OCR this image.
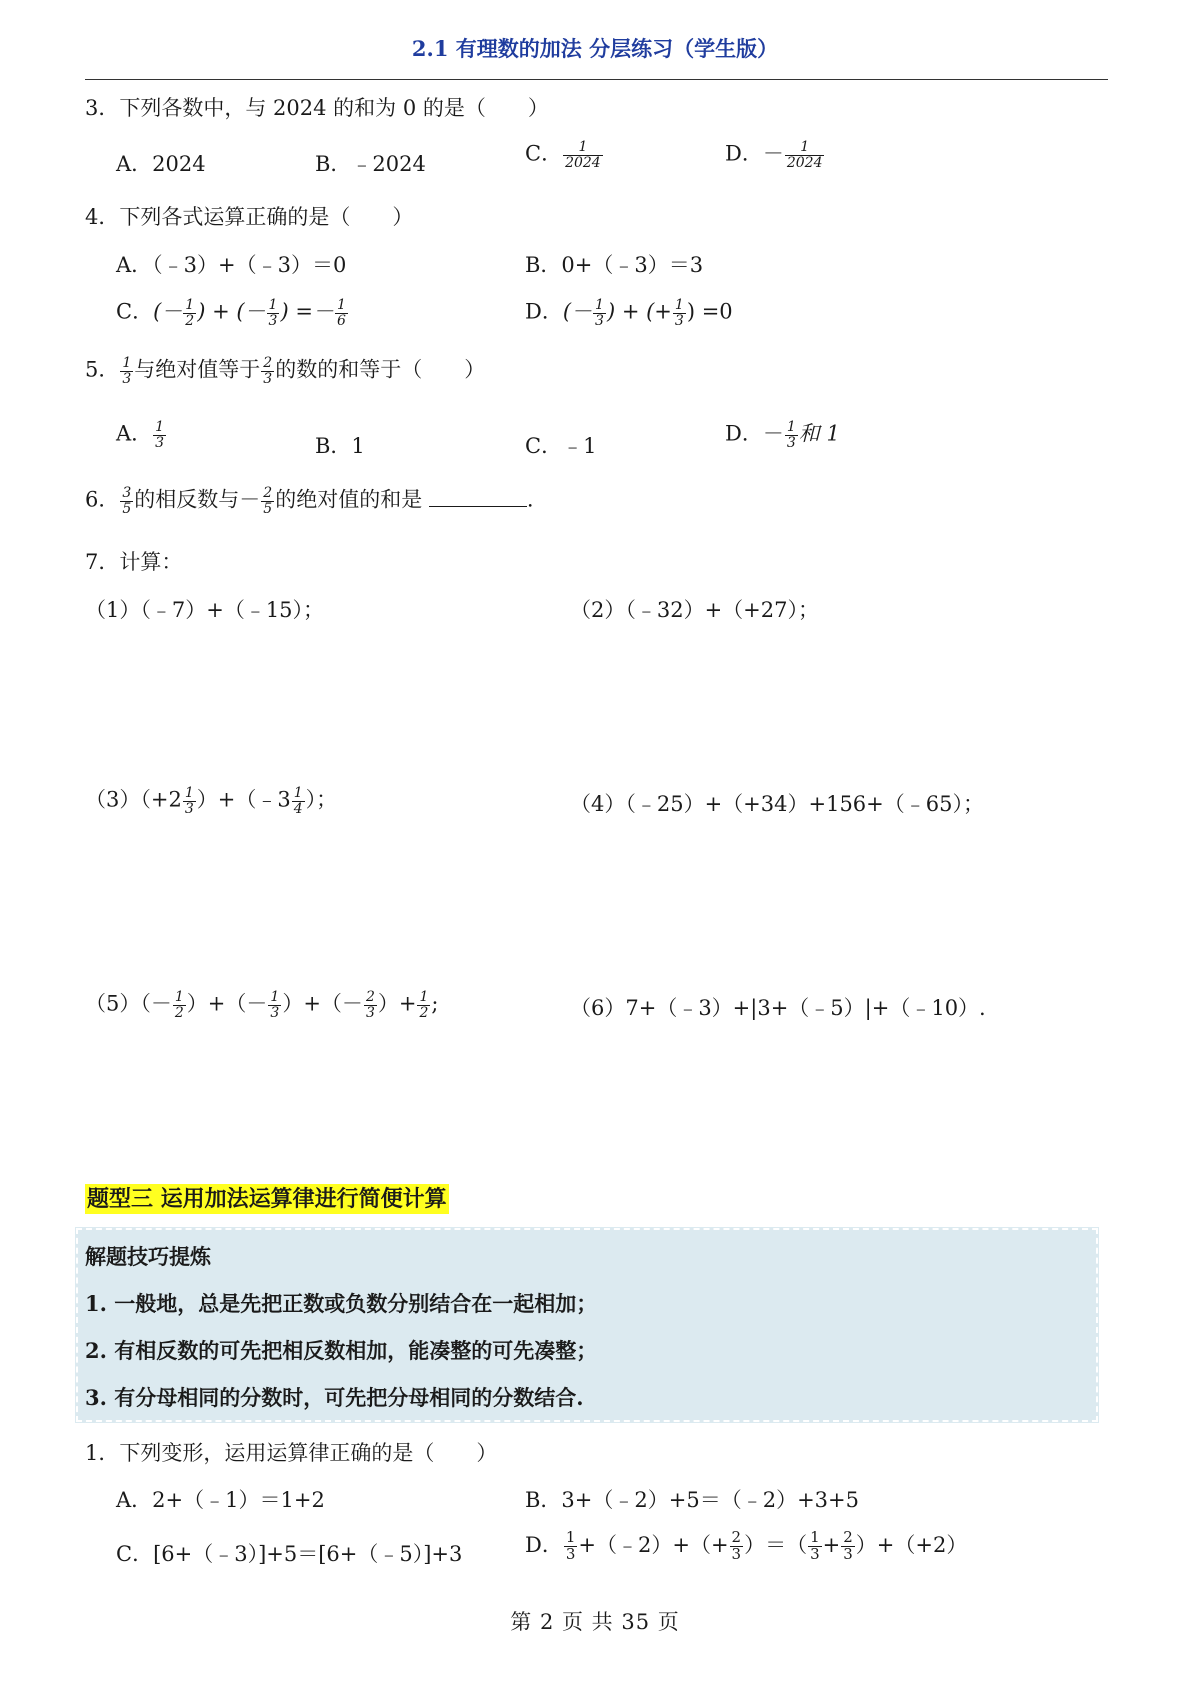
2.1 有理数的加法 分层练习（学生版）
3．下列各数中，与 2024 的和为 0 的是（　　）
A．2024	B．﹣2024	C． $\frac{1}{2024}$	D．－ $\frac{1}{2024}$
4．下列各式运算正确的是（　　）
A．（﹣3）+（﹣3）＝0	B．0+（﹣3）＝3
C．(－ $\frac{1}{2}$ ) + (－ $\frac{1}{3}$ ) =－ $\frac{1}{6}$	D．(－ $\frac{1}{3}$ ) + (+ $\frac{1}{3}$ ) =0
5． $\frac{1}{3}$ 与绝对值等于 $\frac{2}{3}$ 的数的和等于（　　）
A． $\frac{1}{3}$	B．1	C．﹣1
D．－ $\frac{1}{3}$ 和 1
6． $\frac{3}{5}$ 的相反数与－ $\frac{2}{5}$ 的绝对值的和是	.
7．计算：
（1）（﹣7）+（﹣15）；	（2）（﹣32）+（+27）；
$(3)(+2 \frac{1}{3}$ ）+（﹣3 $\frac{1}{4}$ ）；	（4）（﹣25）+（+34）+156+（﹣65）；
$(5)(- \frac{1}{2}$ ）+（－ $\frac{1}{3}$ ）+（－ $\frac{2}{3}$ ）+ $\frac{1}{2}$ ;	（6）7+（﹣3）+|3+（﹣5）|+（﹣10）.
题型三 运用加法运算律进行简便计算
解题技巧提炼
1. 一般地，总是先把正数或负数分别结合在一起相加；
2. 有相反数的可先把相反数相加，能凑整的可先凑整；
3. 有分母相同的分数时，可先把分母相同的分数结合.
1．下列变形，运用运算律正确的是（　　）
A．2+（﹣1）＝1+2	B．3+（﹣2）+5＝（﹣2）+3+5
C．[6+（﹣3）]+5＝[6+（﹣5）]+3	D． $\frac{1}{3}$ +（﹣2）+（+ $\frac{2}{3}$ ）＝（ $\frac{1}{3} + \frac{2}{3} )+(+2)$
第 2 页 共 35 页
